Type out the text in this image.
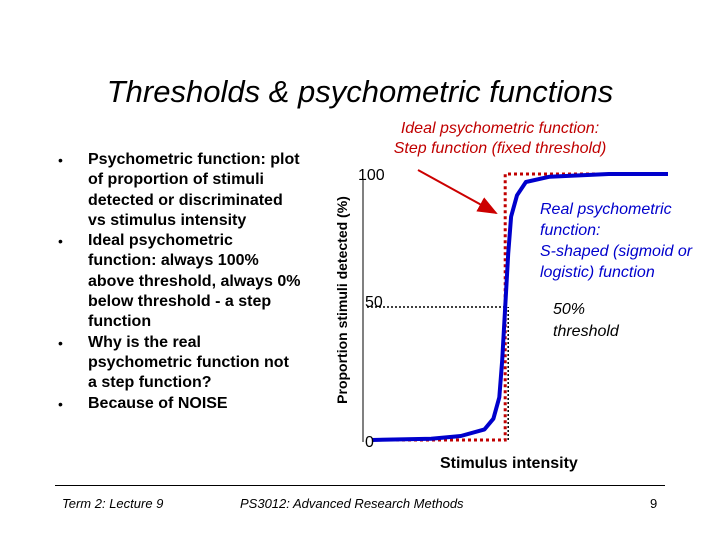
Thresholds & psychometric functions
• Psychometric function: plot of proportion of stimuli detected or discriminated vs stimulus intensity
• Ideal psychometric function: always 100% above threshold, always 0% below threshold - a step function
• Why is the real psychometric function not a step function?
• Because of NOISE	Proportion stimuli detected (%)
100
50
0
Stimulus intensity
Ideal psychometric function:
Step function (fixed threshold)
Real psychometric
function:
S-shaped (sigmoid or
logistic) function
50%
threshold
Term 2: Lecture 9	PS3012: Advanced Research Methods	9
